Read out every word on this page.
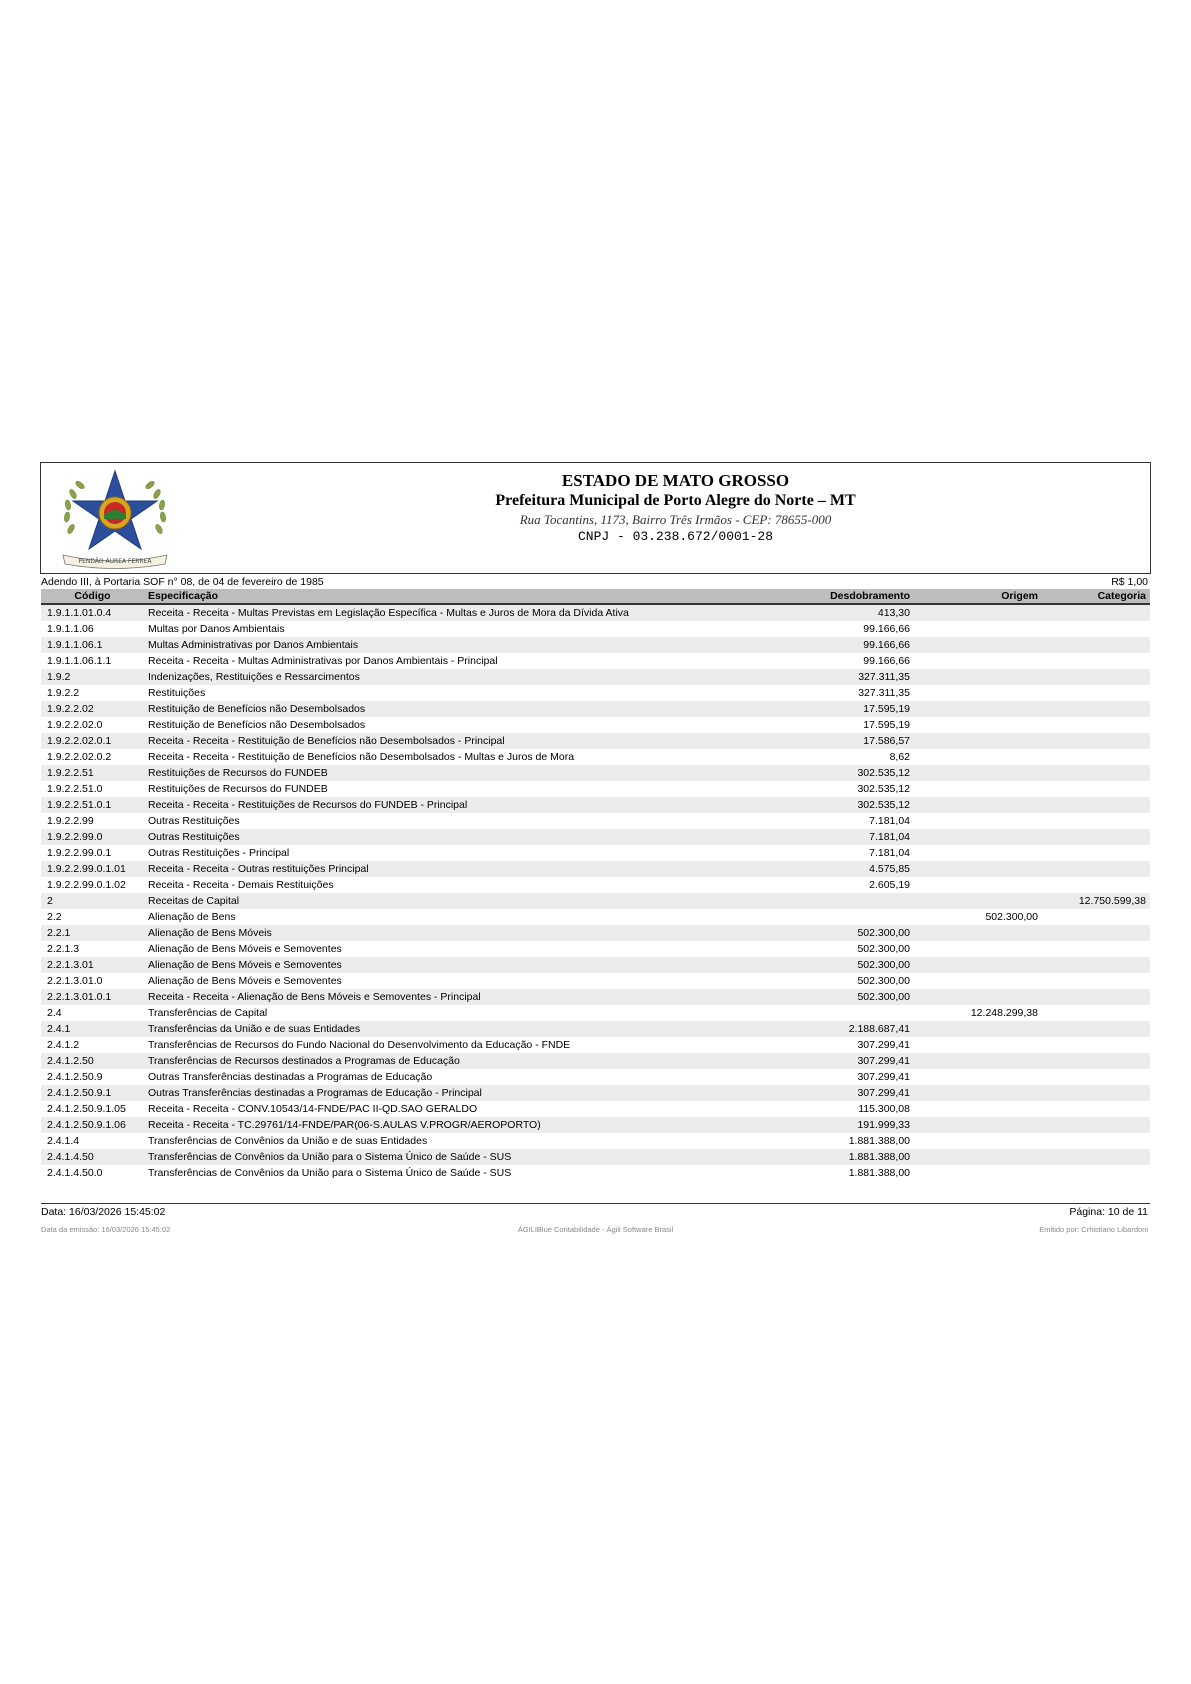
PENDÃO ÁUREA FERREA
ESTADO DE MATO GROSSO
Prefeitura Municipal de Porto Alegre do Norte – MT
Rua Tocantins, 1173, Bairro Três Irmãos - CEP: 78655-000
CNPJ - 03.238.672/0001-28
Adendo III, à Portaria SOF n° 08, de 04 de fevereiro de 1985	R$ 1,00
Código	Especificação	Desdobramento	Origem	Categoria
1.9.1.1.01.0.4	Receita - Receita - Multas Previstas em Legislação Específica - Multas e Juros de Mora da Dívida Ativa	413,30		
1.9.1.1.06	Multas por Danos Ambientais	99.166,66		
1.9.1.1.06.1	Multas Administrativas por Danos Ambientais	99.166,66		
1.9.1.1.06.1.1	Receita - Receita - Multas Administrativas por Danos Ambientais - Principal	99.166,66		
1.9.2	Indenizações, Restituições e Ressarcimentos	327.311,35		
1.9.2.2	Restituições	327.311,35		
1.9.2.2.02	Restituição de Benefícios não Desembolsados	17.595,19		
1.9.2.2.02.0	Restituição de Benefícios não Desembolsados	17.595,19		
1.9.2.2.02.0.1	Receita - Receita - Restituição de Benefícios não Desembolsados - Principal	17.586,57		
1.9.2.2.02.0.2	Receita - Receita - Restituição de Benefícios não Desembolsados - Multas e Juros de Mora	8,62		
1.9.2.2.51	Restituições de Recursos do FUNDEB	302.535,12		
1.9.2.2.51.0	Restituições de Recursos do FUNDEB	302.535,12		
1.9.2.2.51.0.1	Receita - Receita - Restituições de Recursos do FUNDEB - Principal	302.535,12		
1.9.2.2.99	Outras Restituições	7.181,04		
1.9.2.2.99.0	Outras Restituições	7.181,04		
1.9.2.2.99.0.1	Outras Restituições - Principal	7.181,04		
1.9.2.2.99.0.1.01	Receita - Receita - Outras restituições Principal	4.575,85		
1.9.2.2.99.0.1.02	Receita - Receita - Demais Restituições	2.605,19		
2	Receitas de Capital			12.750.599,38
2.2	Alienação de Bens		502.300,00	
2.2.1	Alienação de Bens Móveis	502.300,00		
2.2.1.3	Alienação de Bens Móveis e Semoventes	502.300,00		
2.2.1.3.01	Alienação de Bens Móveis e Semoventes	502.300,00		
2.2.1.3.01.0	Alienação de Bens Móveis e Semoventes	502.300,00		
2.2.1.3.01.0.1	Receita - Receita - Alienação de Bens Móveis e Semoventes - Principal	502.300,00		
2.4	Transferências de Capital		12.248.299,38	
2.4.1	Transferências da União e de suas Entidades	2.188.687,41		
2.4.1.2	Transferências de Recursos do Fundo Nacional do Desenvolvimento da Educação - FNDE	307.299,41		
2.4.1.2.50	Transferências de Recursos destinados a Programas de Educação	307.299,41		
2.4.1.2.50.9	Outras Transferências destinadas a Programas de Educação	307.299,41		
2.4.1.2.50.9.1	Outras Transferências destinadas a Programas de Educação - Principal	307.299,41		
2.4.1.2.50.9.1.05	Receita - Receita - CONV.10543/14-FNDE/PAC II-QD.SAO GERALDO	115.300,08		
2.4.1.2.50.9.1.06	Receita - Receita - TC.29761/14-FNDE/PAR(06-S.AULAS V.PROGR/AEROPORTO)	191.999,33		
2.4.1.4	Transferências de Convênios da União e de suas Entidades	1.881.388,00		
2.4.1.4.50	Transferências de Convênios da União para o Sistema Único de Saúde - SUS	1.881.388,00		
2.4.1.4.50.0	Transferências de Convênios da União para o Sistema Único de Saúde - SUS	1.881.388,00		
Data: 16/03/2026 15:45:02	Página: 10 de 11
Data da emissão: 16/03/2026 15:45:02	ÁGILIBlue Contabilidade - Ágili Software Brasil	Emitido por: Crhistiano Libardoni
